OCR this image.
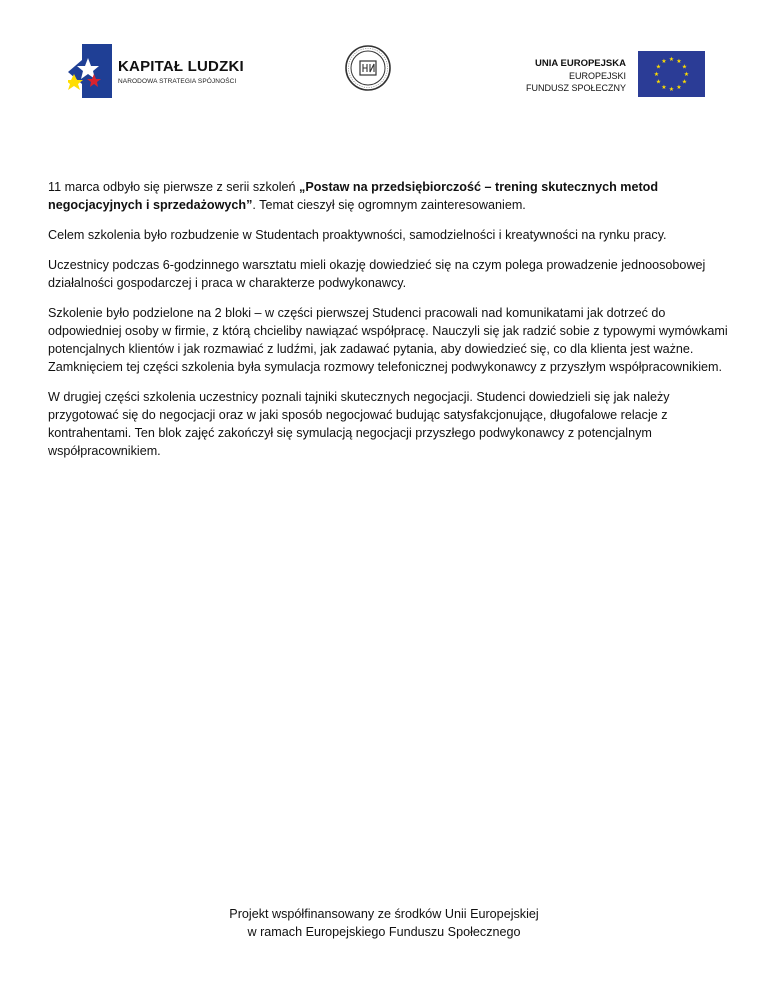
KAPITAŁ LUDZKI
NARODOWA STRATEGIA SPÓJNOŚCI
UNIA EUROPEJSKA
EUROPEJSKI
FUNDUSZ SPOŁECZNY
★ ★
★
★
★
★
★
★
★
★
★
★

11 marca odbyło się pierwsze z serii szkoleń „Postaw na przedsiębiorczość – trening skutecznych metod negocjacyjnych i sprzedażowych”. Temat cieszył się ogromnym zainteresowaniem.

Celem szkolenia było rozbudzenie w Studentach proaktywności, samodzielności i kreatywności na rynku pracy.

Uczestnicy podczas 6-godzinnego warsztatu mieli okazję dowiedzieć się na czym polega prowadzenie jednoosobowej działalności gospodarczej i praca w charakterze podwykonawcy.

Szkolenie było podzielone na 2 bloki – w części pierwszej Studenci pracowali nad komunikatami jak dotrzeć do odpowiedniej osoby w firmie, z którą chcieliby nawiązać współpracę. Nauczyli się jak radzić sobie z typowymi wymówkami potencjalnych klientów i jak rozmawiać z ludźmi, jak zadawać pytania, aby dowiedzieć się, co dla klienta jest ważne. Zamknięciem tej części szkolenia była symulacja rozmowy telefonicznej podwykonawcy z przyszłym współpracownikiem.

W drugiej części szkolenia uczestnicy poznali tajniki skutecznych negocjacji. Studenci dowiedzieli się jak należy przygotować się do negocjacji oraz w jaki sposób negocjować budując satysfakcjonujące, długofalowe relacje z kontrahentami. Ten blok zajęć zakończył się symulacją negocjacji przyszłego podwykonawcy z potencjalnym współpracownikiem.

Projekt współfinansowany ze środków Unii Europejskiej
w ramach Europejskiego Funduszu Społecznego
